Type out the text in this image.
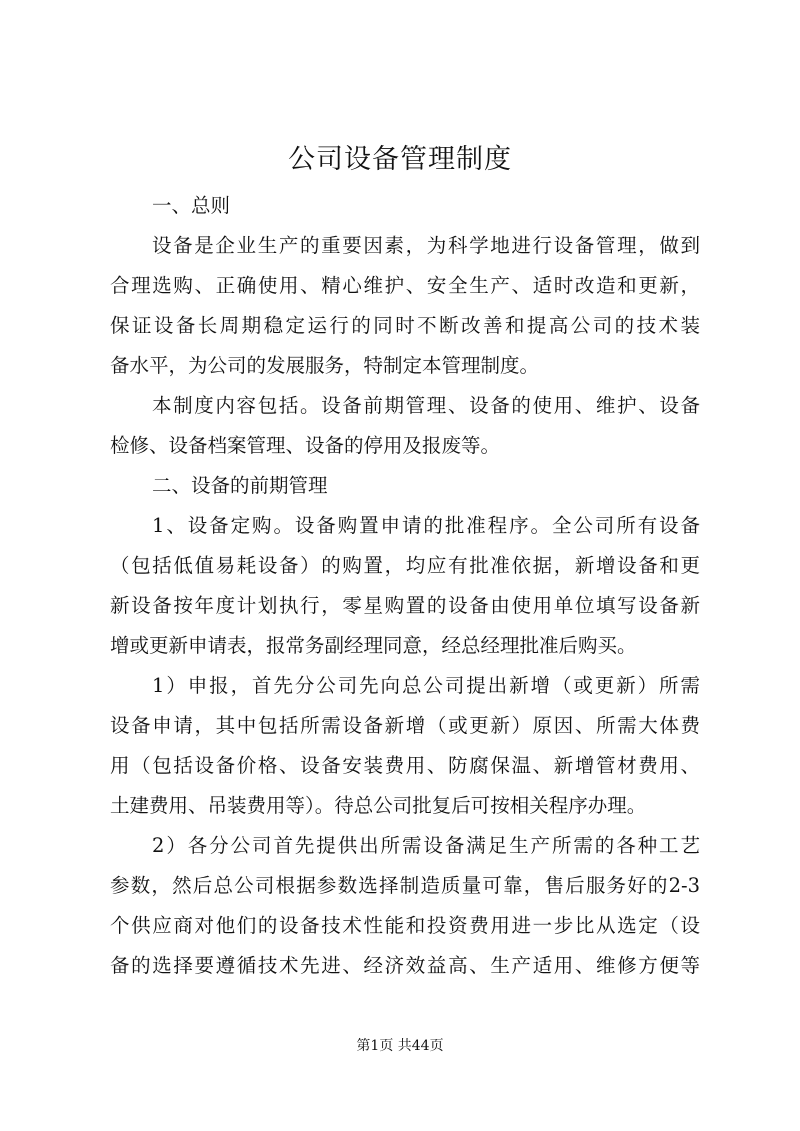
公司设备管理制度
一、总则
设备是企业生产的重要因素，为科学地进行设备管理，做到
合理选购、正确使用、精心维护、安全生产、适时改造和更新，
保证设备长周期稳定运行的同时不断改善和提高公司的技术装
备水平，为公司的发展服务，特制定本管理制度。
本制度内容包括。设备前期管理、设备的使用、维护、设备
检修、设备档案管理、设备的停用及报废等。
二、设备的前期管理
1、设备定购。设备购置申请的批准程序。全公司所有设备
（包括低值易耗设备）的购置，均应有批准依据，新增设备和更
新设备按年度计划执行，零星购置的设备由使用单位填写设备新
增或更新申请表，报常务副经理同意，经总经理批准后购买。
1）申报，首先分公司先向总公司提出新增（或更新）所需
设备申请，其中包括所需设备新增（或更新）原因、所需大体费
用（包括设备价格、设备安装费用、防腐保温、新增管材费用、
土建费用、吊装费用等）。待总公司批复后可按相关程序办理。
2）各分公司首先提供出所需设备满足生产所需的各种工艺
参数，然后总公司根据参数选择制造质量可靠，售后服务好的2-3
个供应商对他们的设备技术性能和投资费用进一步比从选定（设
备的选择要遵循技术先进、经济效益高、生产适用、维修方便等
第1页 共44页
